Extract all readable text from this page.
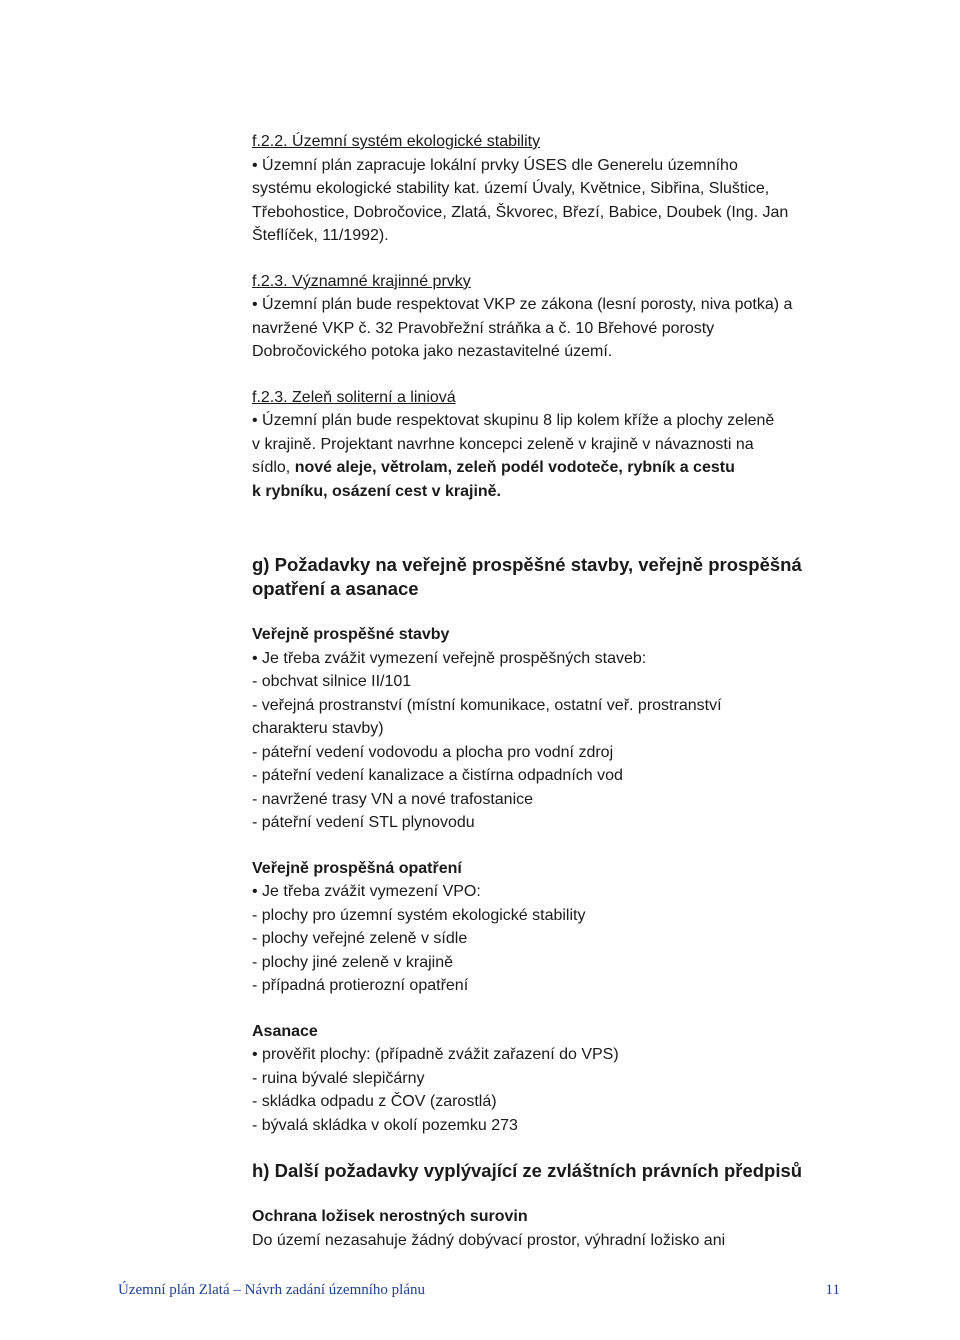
f.2.2. Územní systém ekologické stability

• Územní plán zapracuje lokální prvky ÚSES dle Generelu územního

systému ekologické stability kat. území Úvaly, Květnice, Sibřina, Sluštice,

Třebohostice, Dobročovice, Zlatá, Škvorec, Březí, Babice, Doubek (Ing. Jan

Šteflíček, 11/1992).

f.2.3. Významné krajinné prvky

• Územní plán bude respektovat VKP ze zákona (lesní porosty, niva potka) a

navržené VKP č. 32 Pravobřežní stráňka a č. 10 Břehové porosty

Dobročovického potoka jako nezastavitelné území.

f.2.3. Zeleň soliterní a liniová

• Územní plán bude respektovat skupinu 8 lip kolem kříže a plochy zeleně

v krajině. Projektant navrhne koncepci zeleně v krajině v návaznosti na

sídlo, nové aleje, větrolam, zeleň podél vodoteče, rybník a cestu

k rybníku, osázení cest v krajině.

g) Požadavky na veřejně prospěšné stavby, veřejně prospěšná opatření a asanace

Veřejně prospěšné stavby

• Je třeba zvážit vymezení veřejně prospěšných staveb:

- obchvat silnice II/101

- veřejná prostranství (místní komunikace, ostatní veř. prostranství

charakteru stavby)

- páteřní vedení vodovodu a plocha pro vodní zdroj

- páteřní vedení kanalizace a čistírna odpadních vod

- navržené trasy VN a nové trafostanice

- páteřní vedení STL plynovodu

Veřejně prospěšná opatření

• Je třeba zvážit vymezení VPO:

- plochy pro územní systém ekologické stability

- plochy veřejné zeleně v sídle

- plochy jiné zeleně v krajině

- případná protierozní opatření

Asanace

• prověřit plochy: (případně zvážit zařazení do VPS)

- ruina bývalé slepičárny

- skládka odpadu z ČOV (zarostlá)

- bývalá skládka v okolí pozemku 273

h) Další požadavky vyplývající ze zvláštních právních předpisů

Ochrana ložisek nerostných surovin

Do území nezasahuje žádný dobývací prostor, výhradní ložisko ani

Územní plán Zlatá – Návrh zadání územního plánu	11
